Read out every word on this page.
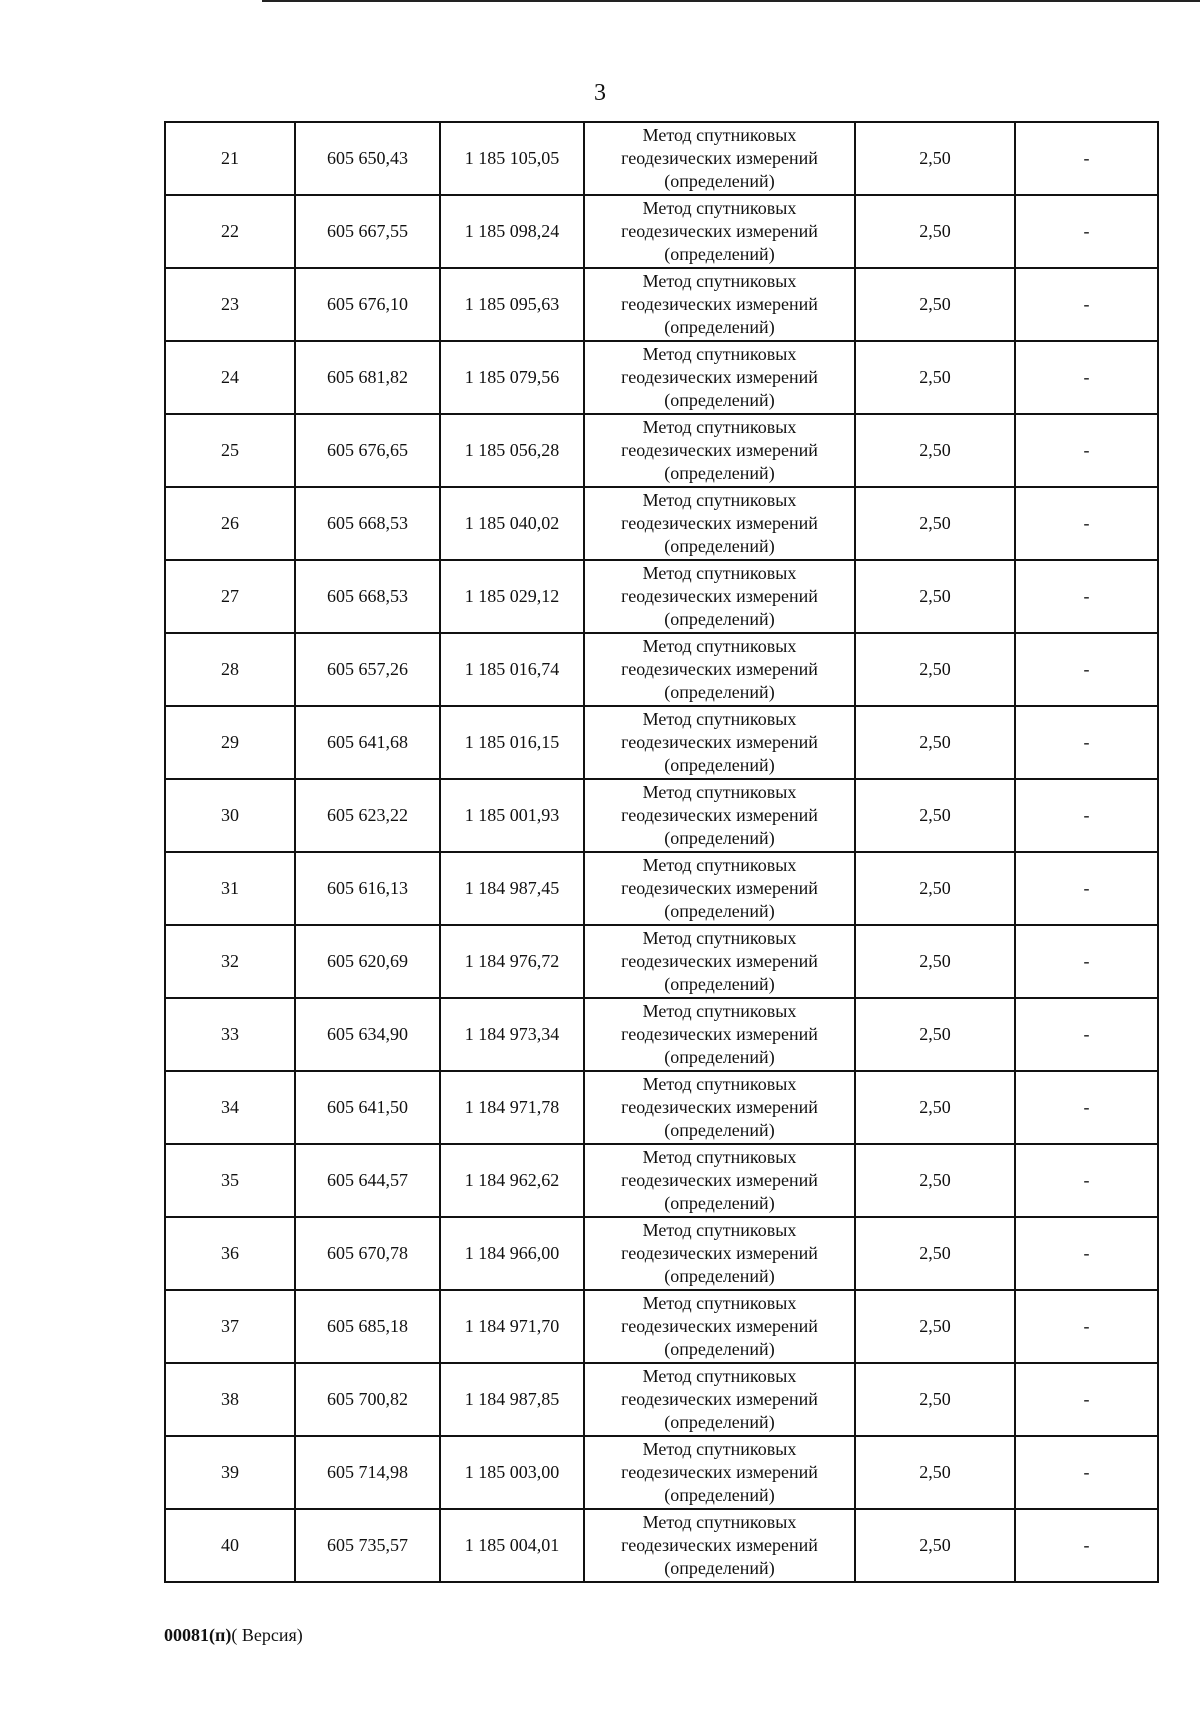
3
21	605 650,43	1 185 105,05	Метод спутниковых
геодезических измерений
(определений)	2,50	-
22	605 667,55	1 185 098,24	Метод спутниковых
геодезических измерений
(определений)	2,50	-
23	605 676,10	1 185 095,63	Метод спутниковых
геодезических измерений
(определений)	2,50	-
24	605 681,82	1 185 079,56	Метод спутниковых
геодезических измерений
(определений)	2,50	-
25	605 676,65	1 185 056,28	Метод спутниковых
геодезических измерений
(определений)	2,50	-
26	605 668,53	1 185 040,02	Метод спутниковых
геодезических измерений
(определений)	2,50	-
27	605 668,53	1 185 029,12	Метод спутниковых
геодезических измерений
(определений)	2,50	-
28	605 657,26	1 185 016,74	Метод спутниковых
геодезических измерений
(определений)	2,50	-
29	605 641,68	1 185 016,15	Метод спутниковых
геодезических измерений
(определений)	2,50	-
30	605 623,22	1 185 001,93	Метод спутниковых
геодезических измерений
(определений)	2,50	-
31	605 616,13	1 184 987,45	Метод спутниковых
геодезических измерений
(определений)	2,50	-
32	605 620,69	1 184 976,72	Метод спутниковых
геодезических измерений
(определений)	2,50	-
33	605 634,90	1 184 973,34	Метод спутниковых
геодезических измерений
(определений)	2,50	-
34	605 641,50	1 184 971,78	Метод спутниковых
геодезических измерений
(определений)	2,50	-
35	605 644,57	1 184 962,62	Метод спутниковых
геодезических измерений
(определений)	2,50	-
36	605 670,78	1 184 966,00	Метод спутниковых
геодезических измерений
(определений)	2,50	-
37	605 685,18	1 184 971,70	Метод спутниковых
геодезических измерений
(определений)	2,50	-
38	605 700,82	1 184 987,85	Метод спутниковых
геодезических измерений
(определений)	2,50	-
39	605 714,98	1 185 003,00	Метод спутниковых
геодезических измерений
(определений)	2,50	-
40	605 735,57	1 185 004,01	Метод спутниковых
геодезических измерений
(определений)	2,50	-
00081(п)( Версия)
